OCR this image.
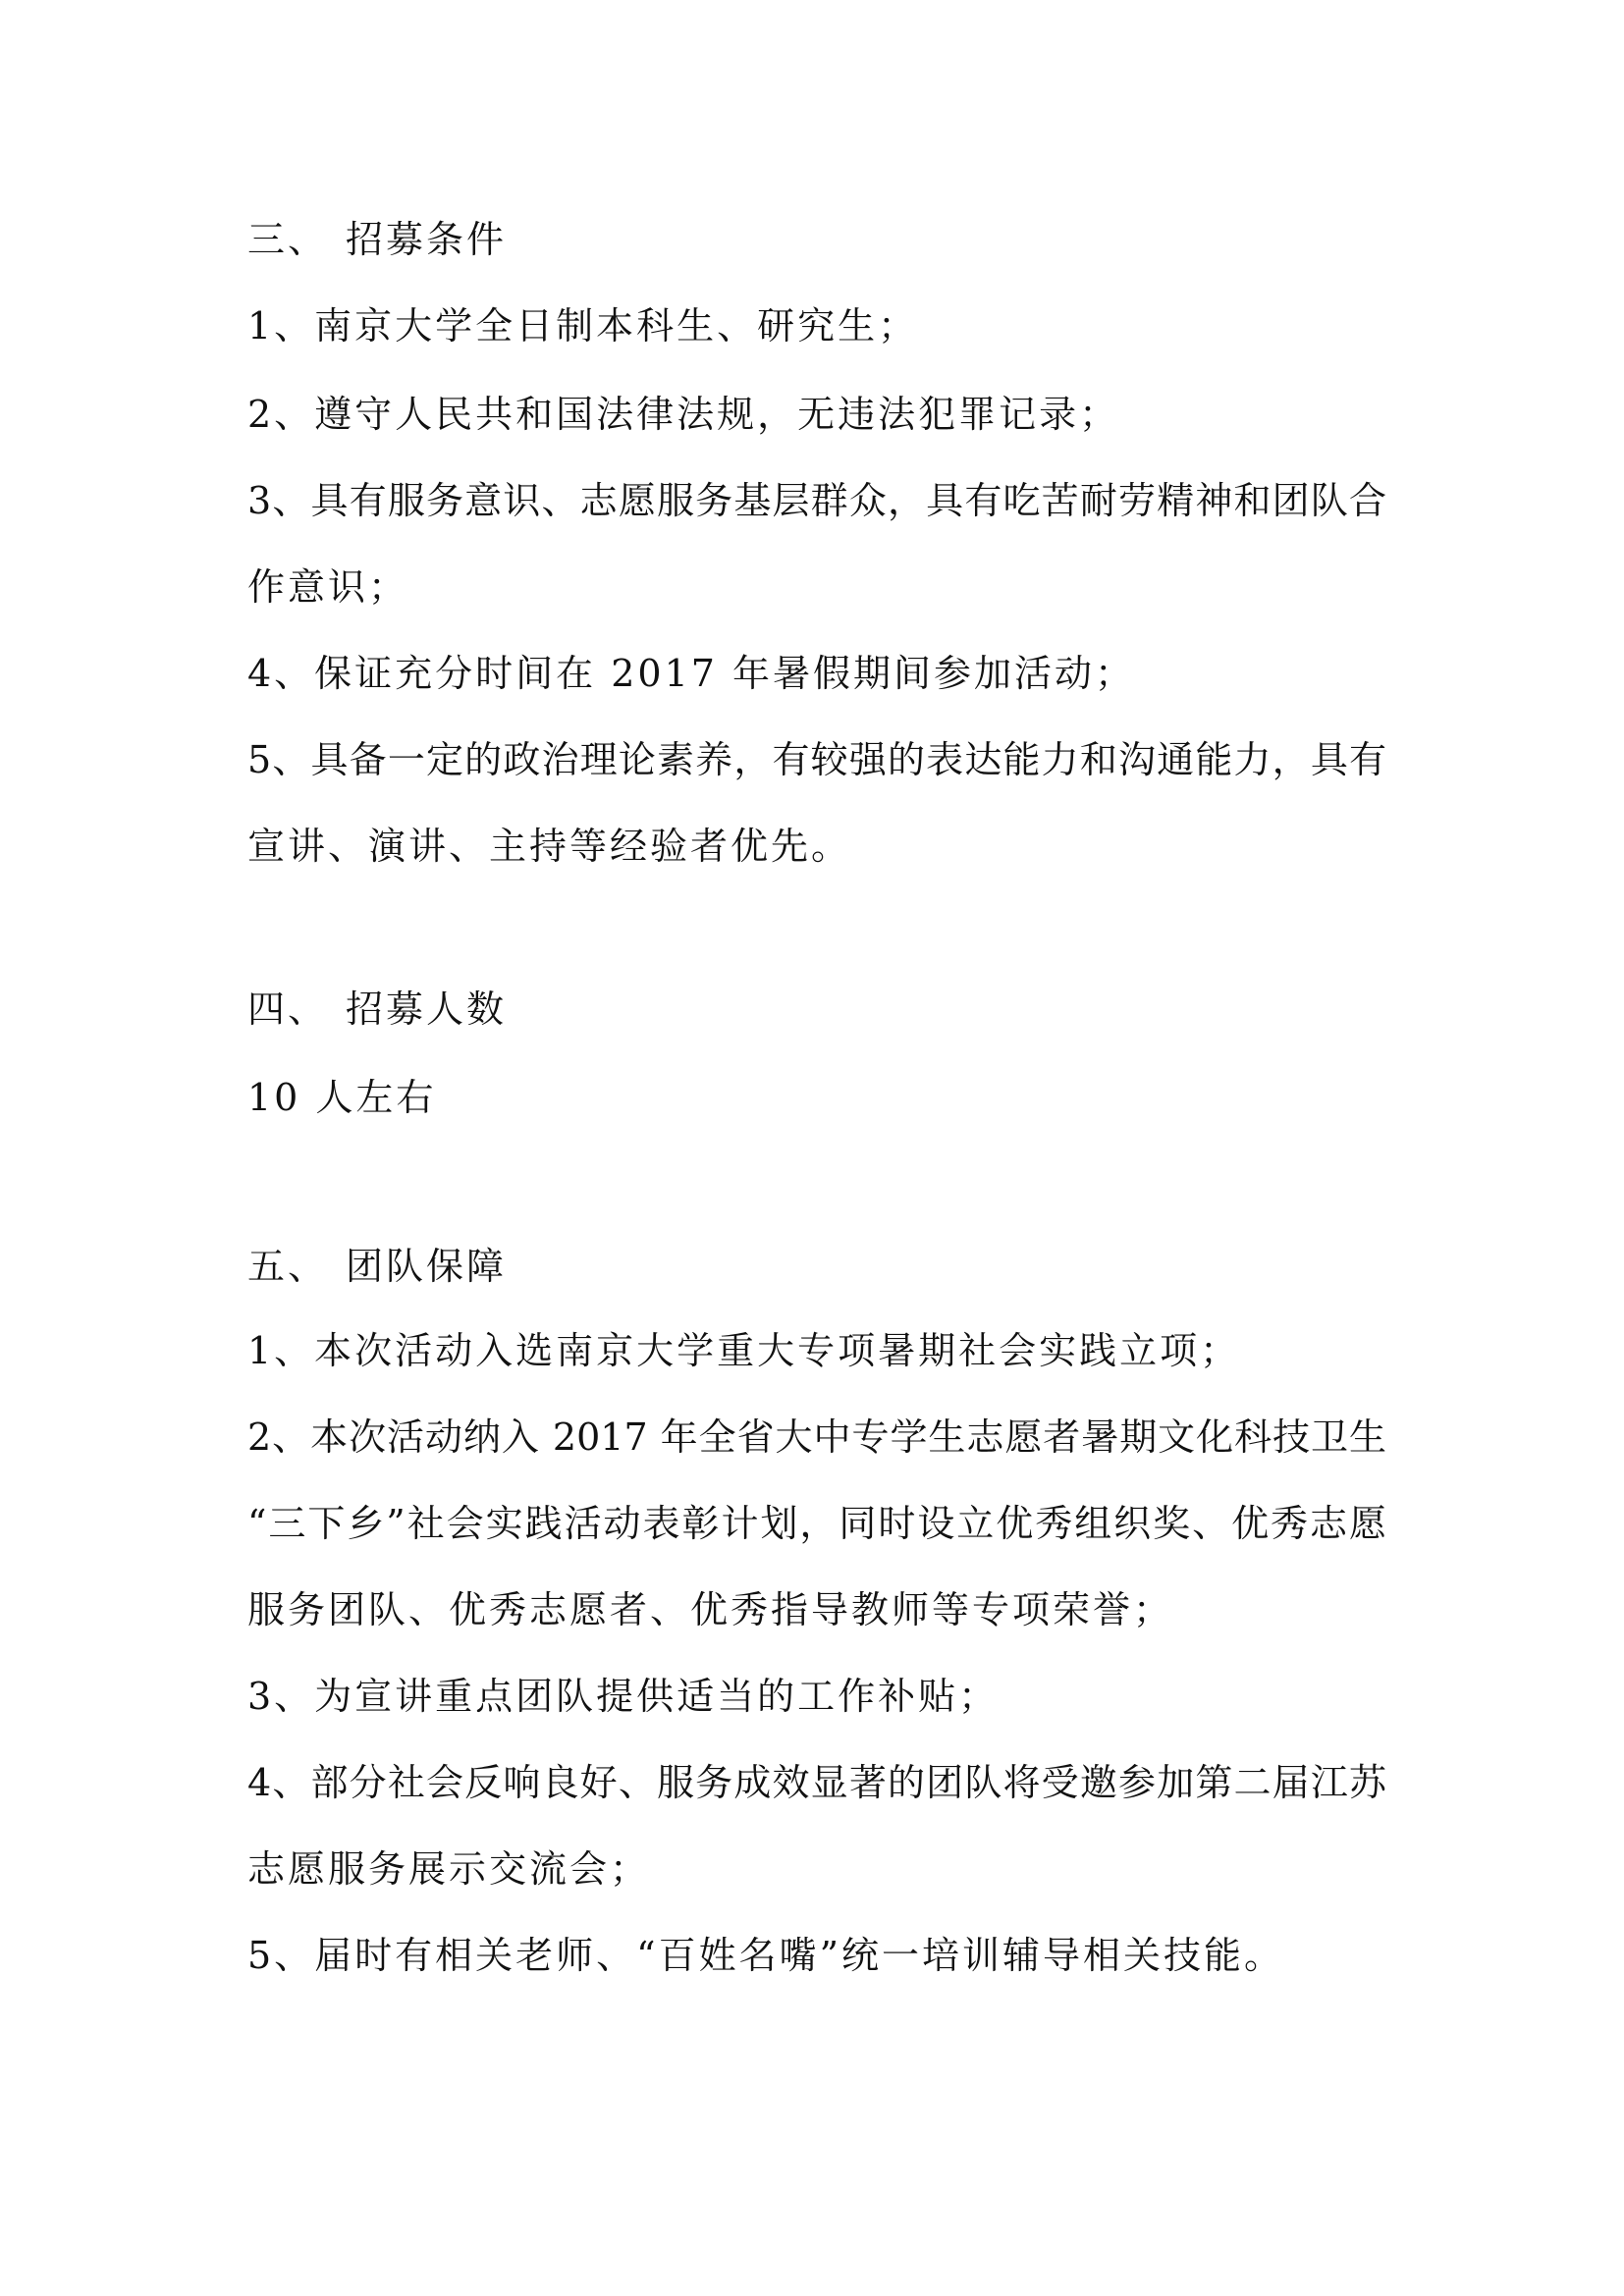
三、 招募条件
1、南京大学全日制本科生、研究生；
2、遵守人民共和国法律法规，无违法犯罪记录；
3、具有服务意识、志愿服务基层群众，具有吃苦耐劳精神和团队合
作意识；
4、保证充分时间在 2017 年暑假期间参加活动；
5、具备一定的政治理论素养，有较强的表达能力和沟通能力，具有
宣讲、演讲、主持等经验者优先。
四、 招募人数
10 人左右
五、 团队保障
1、本次活动入选南京大学重大专项暑期社会实践立项；
2、本次活动纳入 2017 年全省大中专学生志愿者暑期文化科技卫生
“三下乡”社会实践活动表彰计划，同时设立优秀组织奖、优秀志愿
服务团队、优秀志愿者、优秀指导教师等专项荣誉；
3、为宣讲重点团队提供适当的工作补贴；
4、部分社会反响良好、服务成效显著的团队将受邀参加第二届江苏
志愿服务展示交流会；
5、届时有相关老师、“百姓名嘴”统一培训辅导相关技能。
